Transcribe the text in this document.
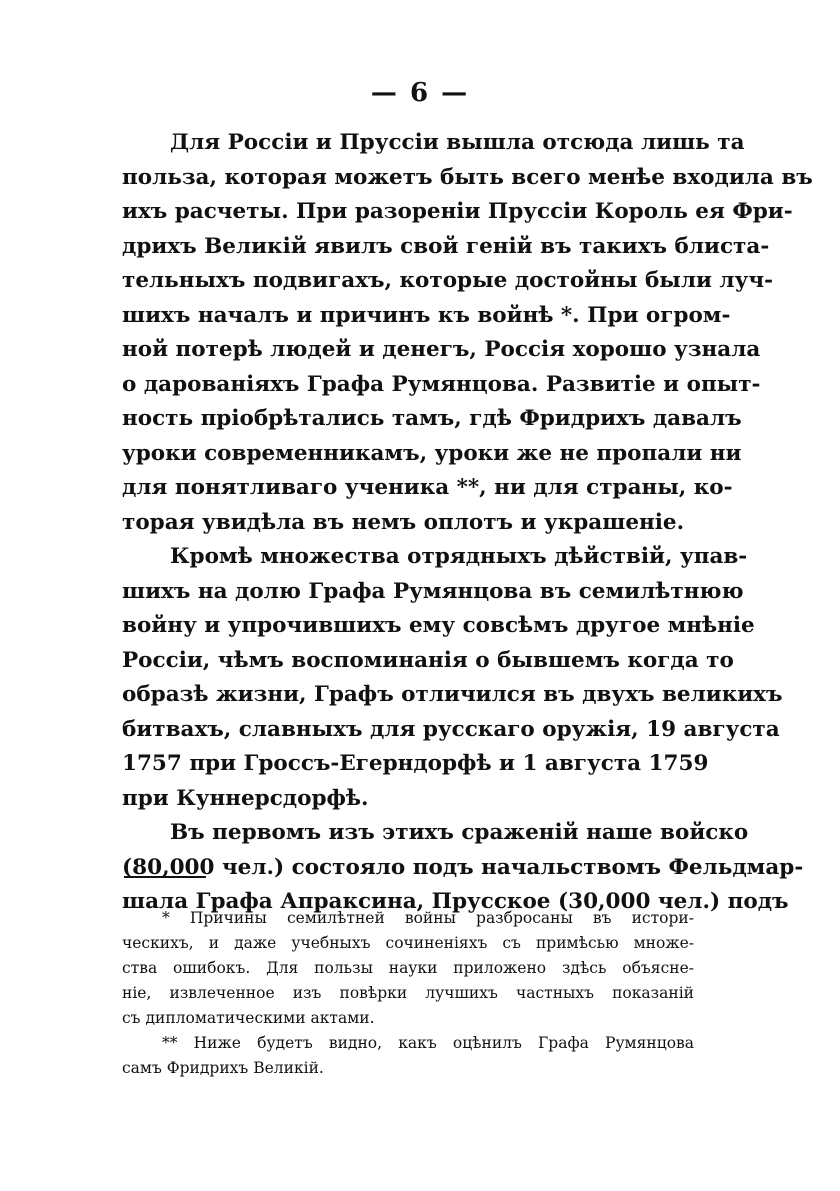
— 6 —

Для Россіи и Пруссіи вышла отсюда лишь та
польза, которая можетъ быть всего менѣе входила въ
ихъ расчеты. При разореніи Пруссіи Король ея Фри-
дрихъ Великій явилъ свой геній въ такихъ блиста-
тельныхъ подвигахъ, которые достойны были луч-
шихъ началъ и причинъ къ войнѣ *. При огром-
ной потерѣ людей и денегъ, Россія хорошо узнала
о дарованіяхъ Графа Румянцова. Развитіе и опыт-
ность пріобрѣтались тамъ, гдѣ Фридрихъ давалъ
уроки современникамъ, уроки же не пропали ни
для понятливаго ученика **, ни для страны, ко-
торая увидѣла въ немъ оплотъ и украшеніе.

Кромѣ множества отрядныхъ дѣйствій, упав-
шихъ на долю Графа Румянцова въ семилѣтнюю
войну и упрочившихъ ему совсѣмъ другое мнѣніе
Россіи, чѣмъ воспоминанія о бывшемъ когда то
образѣ жизни, Графъ отличился въ двухъ великихъ
битвахъ, славныхъ для русскаго оружія, 19 августа
1757 при Гроссъ-Егерндорфѣ и 1 августа 1759
при Куннерсдорфѣ.

Въ первомъ изъ этихъ сраженій наше войско
(80,000 чел.) состояло подъ начальствомъ Фельдмар-
шала Графа Апраксина, Прусское (30,000 чел.) подъ

* Причины семилѣтней войны разбросаны въ истори-
ческихъ, и даже учебныхъ сочиненіяхъ съ примѣсью множе-
ства ошибокъ. Для пользы науки приложено здѣсь объясне-
ніе, извлеченное изъ повѣрки лучшихъ частныхъ показаній
съ дипломатическими актами.
** Ниже будетъ видно, какъ оцѣнилъ Графа Румянцова
самъ Фридрихъ Великій.
